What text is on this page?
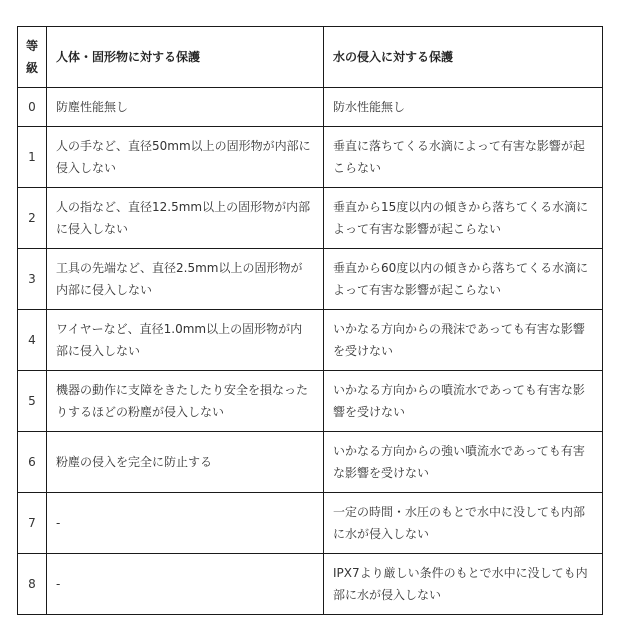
等級	人体・固形物に対する保護	水の侵入に対する保護
0	防塵性能無し	防水性能無し
1	人の手など、直径50mm以上の固形物が内部に侵入しない	垂直に落ちてくる水滴によって有害な影響が起こらない
2	人の指など、直径12.5mm以上の固形物が内部に侵入しない	垂直から15度以内の傾きから落ちてくる水滴によって有害な影響が起こらない
3	工具の先端など、直径2.5mm以上の固形物が内部に侵入しない	垂直から60度以内の傾きから落ちてくる水滴によって有害な影響が起こらない
4	ワイヤーなど、直径1.0mm以上の固形物が内部に侵入しない	いかなる方向からの飛沫であっても有害な影響を受けない
5	機器の動作に支障をきたしたり安全を損なったりするほどの粉塵が侵入しない	いかなる方向からの噴流水であっても有害な影響を受けない
6	粉塵の侵入を完全に防止する	いかなる方向からの強い噴流水であっても有害な影響を受けない
7	-	一定の時間・水圧のもとで水中に没しても内部に水が侵入しない
8	-	IPX7より厳しい条件のもとで水中に没しても内部に水が侵入しない
